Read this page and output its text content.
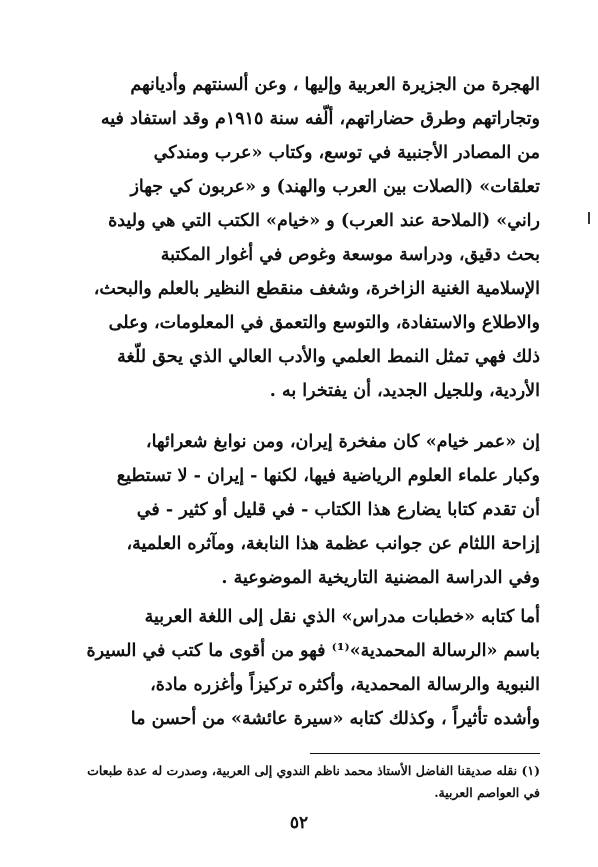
الهجرة من الجزيرة العربية وإليها ، وعن ألسنتهم وأديانهم
وتجاراتهم وطرق حضاراتهم، ألّفه سنة ١٩١٥م وقد استفاد فيه
من المصادر الأجنبية في توسع، وكتاب «عرب ومندكي
تعلقات» (الصلات بين العرب والهند) و «عربون كي جهاز
راني» (الملاحة عند العرب) و «خيام» الكتب التي هي وليدة
بحث دقيق، ودراسة موسعة وغوص في أغوار المكتبة
الإسلامية الغنية الزاخرة، وشغف منقطع النظير بالعلم والبحث،
والاطلاع والاستفادة، والتوسع والتعمق في المعلومات، وعلى
ذلك فهي تمثل النمط العلمي والأدب العالي الذي يحق للّغة
الأردية، وللجيل الجديد، أن يفتخرا به .
إن «عمر خيام» كان مفخرة إيران، ومن نوابغ شعرائها،
وكبار علماء العلوم الرياضية فيها، لكنها - إيران - لا تستطيع
أن تقدم كتابا يضارع هذا الكتاب - في قليل أو كثير - في
إزاحة اللثام عن جوانب عظمة هذا النابغة، ومآثره العلمية،
وفي الدراسة المضنية التاريخية الموضوعية .
أما كتابه «خطبات مدراس» الذي نقل إلى اللغة العربية
باسم «الرسالة المحمدية»⁽¹⁾ فهو من أقوى ما كتب في السيرة
النبوية والرسالة المحمدية، وأكثره تركيزاً وأغزره مادة،
وأشده تأثيراً ، وكذلك كتابه «سيرة عائشة» من أحسن ما
(١) نقله صديقنا الفاضل الأستاذ محمد ناظم الندوي إلى العربية، وصدرت له عدة طبعات
في العواصم العربية.
٥٢
